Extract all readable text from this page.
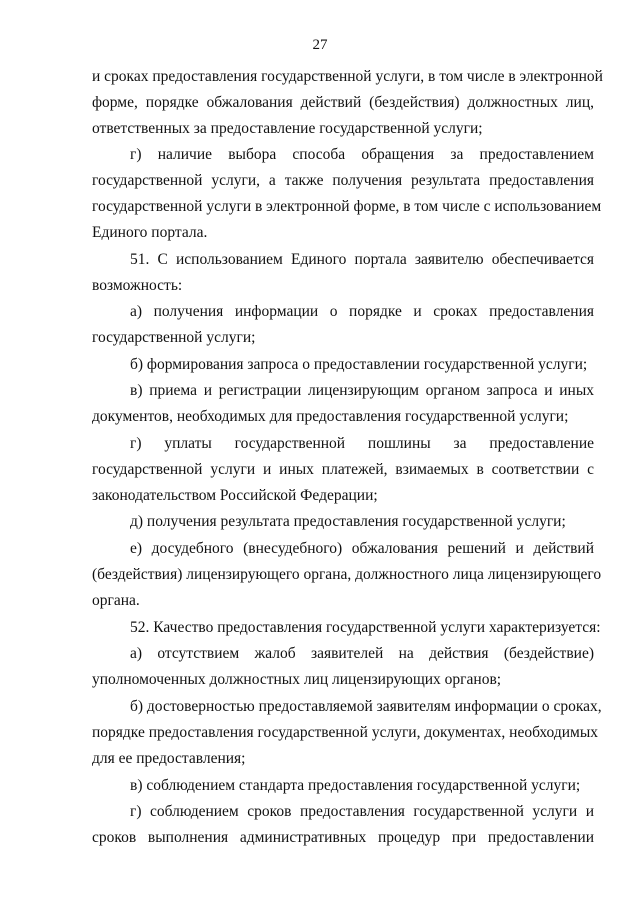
27
и сроках предоставления государственной услуги, в том числе в электронной
форме, порядке обжалования действий (бездействия) должностных лиц,
ответственных за предоставление государственной услуги;
г) наличие выбора способа обращения за предоставлением
государственной услуги, а также получения результата предоставления
государственной услуги в электронной форме, в том числе с использованием
Единого портала.
51. С использованием Единого портала заявителю обеспечивается
возможность:
а) получения информации о порядке и сроках предоставления
государственной услуги;
б) формирования запроса о предоставлении государственной услуги;
в) приема и регистрации лицензирующим органом запроса и иных
документов, необходимых для предоставления государственной услуги;
г) уплаты государственной пошлины за предоставление
государственной услуги и иных платежей, взимаемых в соответствии с
законодательством Российской Федерации;
д) получения результата предоставления государственной услуги;
е) досудебного (внесудебного) обжалования решений и действий
(бездействия) лицензирующего органа, должностного лица лицензирующего
органа.
52. Качество предоставления государственной услуги характеризуется:
а) отсутствием жалоб заявителей на действия (бездействие)
уполномоченных должностных лиц лицензирующих органов;
б) достоверностью предоставляемой заявителям информации о сроках,
порядке предоставления государственной услуги, документах, необходимых
для ее предоставления;
в) соблюдением стандарта предоставления государственной услуги;
г) соблюдением сроков предоставления государственной услуги и
сроков выполнения административных процедур при предоставлении
